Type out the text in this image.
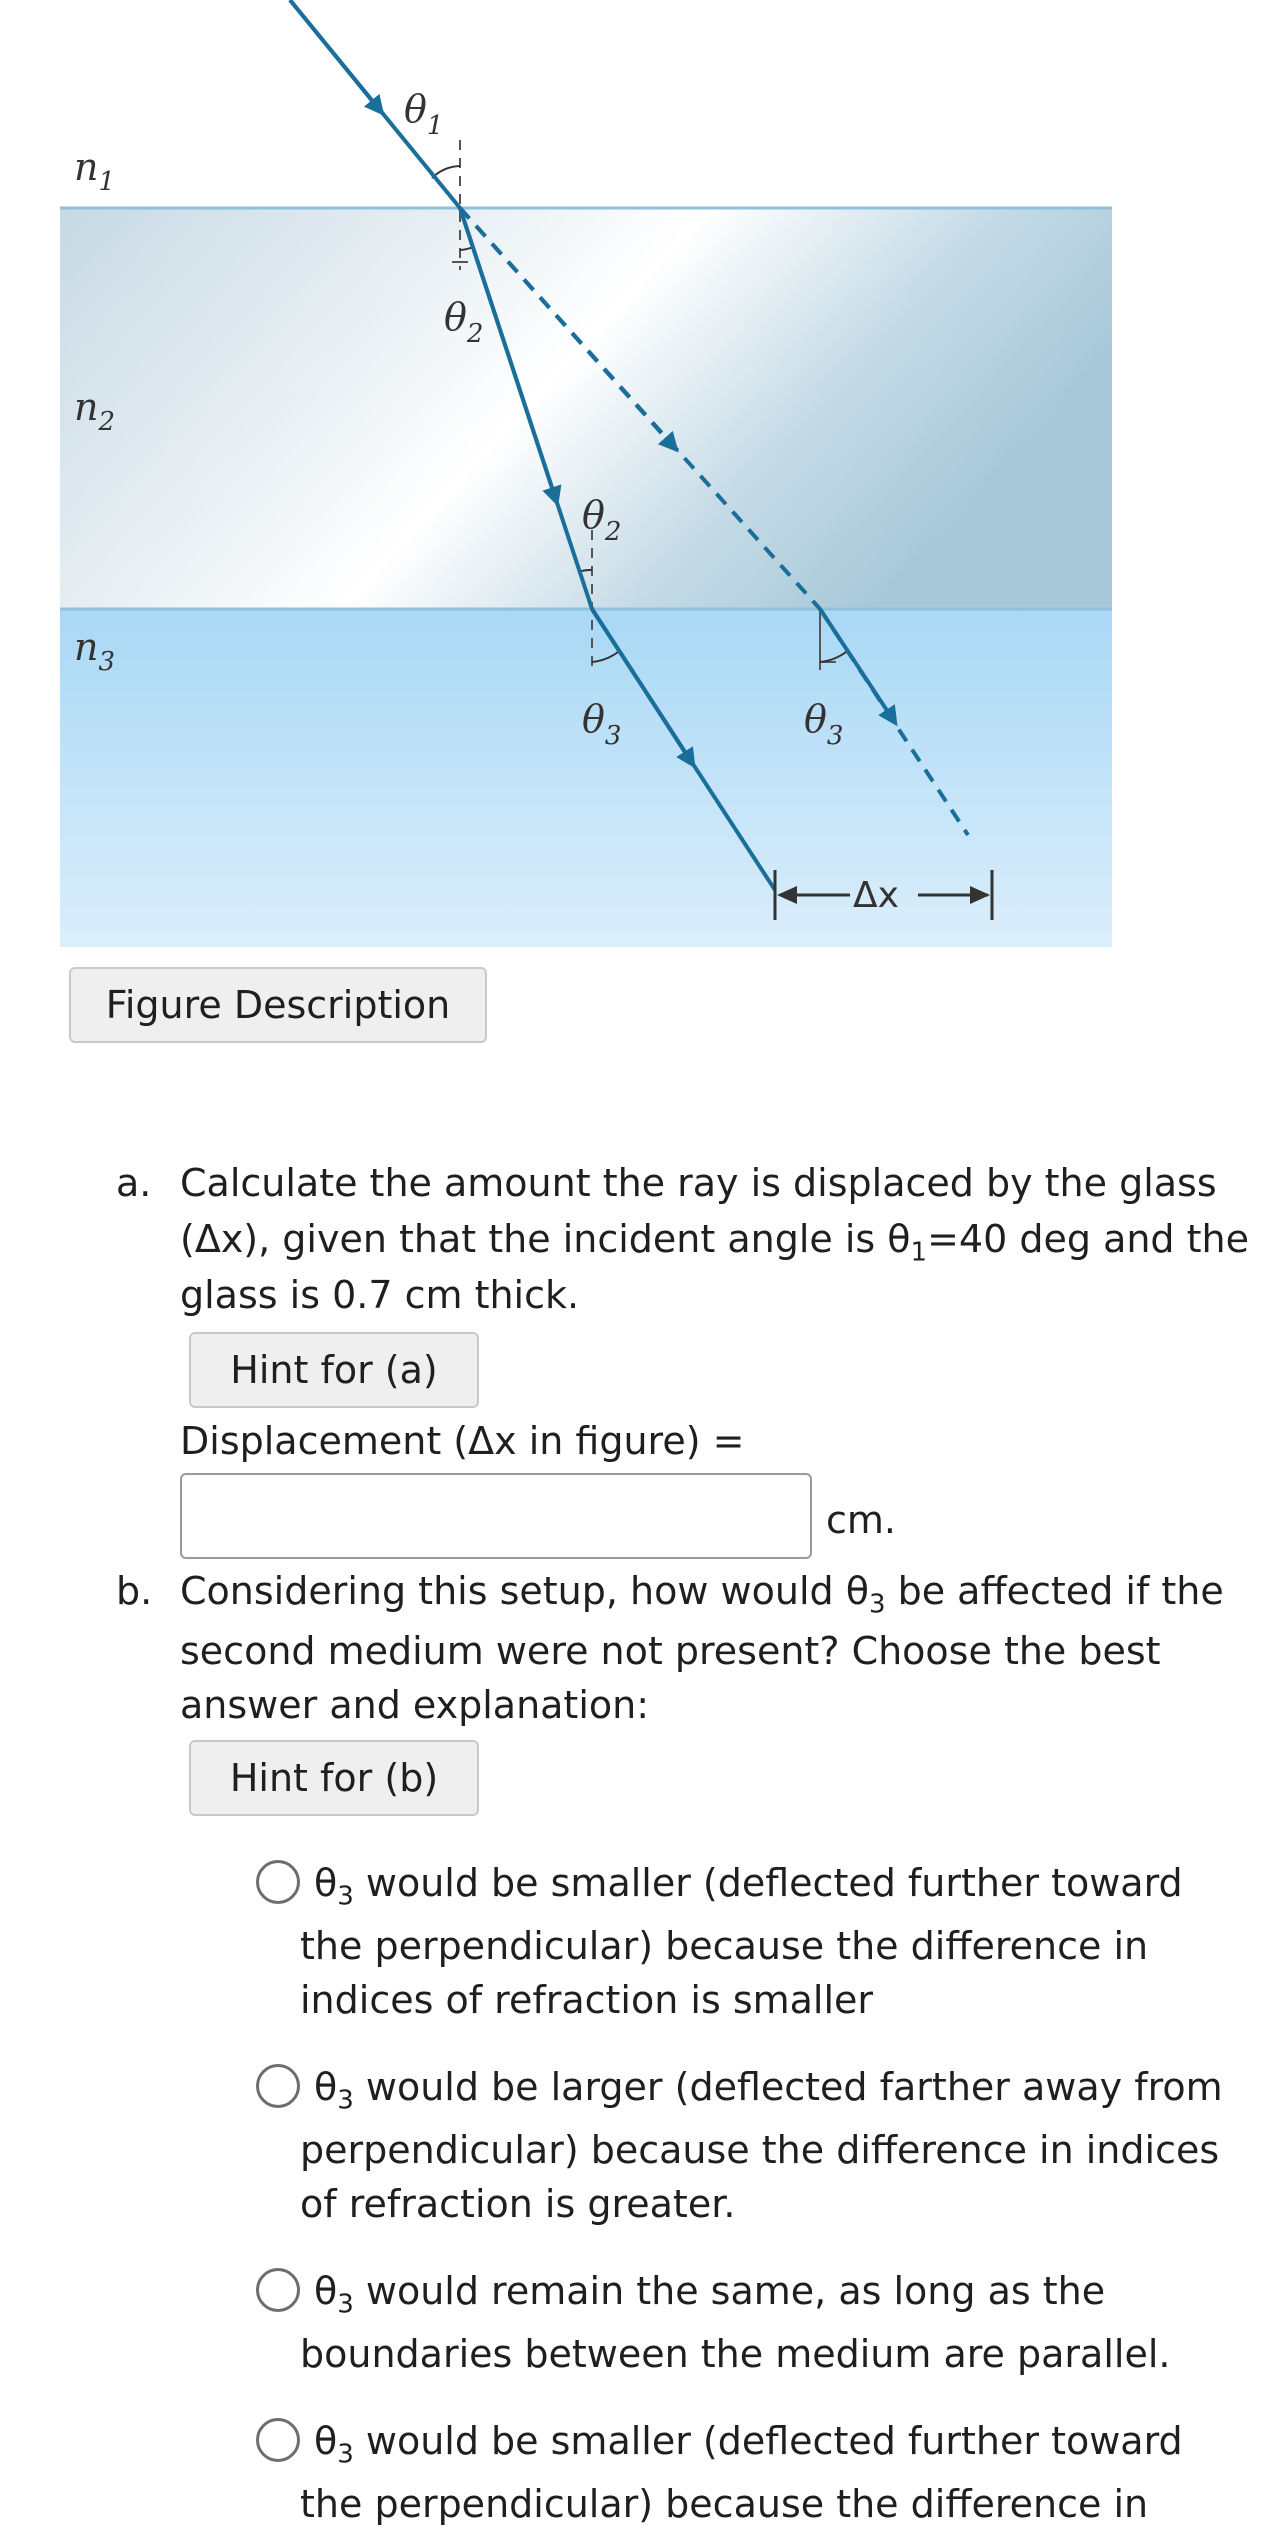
$n_1$
$n_2$
$n_3$
$\theta_1$
$\theta_2$
$\theta_2$
$\theta_3$	$\theta_3$
Δx
Figure Description
a. Calculate the amount the ray is displaced by the glass
(Δx), given that the incident angle is $\theta_1=40$ deg and the
glass is 0.7 cm thick.
Hint for (a)
Displacement (Δx in figure) =
cm.
b. Considering this setup, how would $\theta_3$ be affected if the
second medium were not present? Choose the best
answer and explanation:
Hint for (b)
$\theta_3$ would be smaller (deflected further toward
the perpendicular) because the difference in
indices of refraction is smaller
$\theta_3$ would be larger (deflected farther away from
perpendicular) because the difference in indices
of refraction is greater.
$\theta_3$ would remain the same, as long as the
boundaries between the medium are parallel.
$\theta_3$ would be smaller (deflected further toward
the perpendicular) because the difference in
